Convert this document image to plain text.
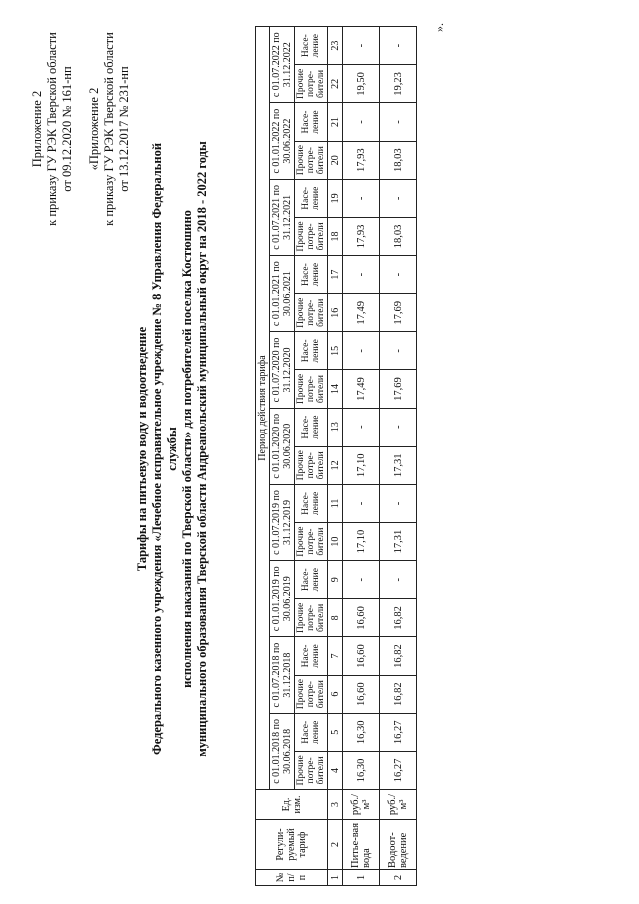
Приложение 2 к приказу ГУ РЭК Тверской области от 09.12.2020 № 161-нп «Приложение 2 к приказу ГУ РЭК Тверской области от 13.12.2017 № 231-нп
Тарифы на питьевую воду и водоотведение Федерального казенного учреждения «Лечебное исправительное учреждение № 8 Управления Федеральной службы исполнения наказаний по Тверской области» для потребителей поселка Костюшино муниципального образования Тверской области Андреапольский муниципальный округ на 2018 - 2022 годы
№ п/п	Регули-руемый тариф	Ед. изм.	Период действия тарифа																			
			с 01.01.2018 по 30.06.2018		с 01.07.2018 по 31.12.2018		с 01.01.2019 по 30.06.2019		с 01.07.2019 по 31.12.2019		с 01.01.2020 по 30.06.2020		с 01.07.2020 по 31.12.2020		с 01.01.2021 по 30.06.2021		с 01.07.2021 по 31.12.2021		с 01.01.2022 по 30.06.2022		с 01.07.2022 по 31.12.2022	
			Прочие потре-бители	Насе-ление	Прочие потре-бители	Насе-ление	Прочие потре-бители	Насе-ление	Прочие потре-бители	Насе-ление	Прочие потре-бители	Насе-ление	Прочие потре-бители	Насе-ление	Прочие потре-бители	Насе-ление	Прочие потре-бители	Насе-ление	Прочие потре-бители	Насе-ление	Прочие потре-бители	Насе-ление
1	2	3	4	5	6	7	8	9	10	11	12	13	14	15	16	17	18	19	20	21	22	23
1	Питье-вая вода	руб./м³	16,30	16,30	16,60	16,60	16,60	-	17,10	-	17,10	-	17,49	-	17,49	-	17,93	-	17,93	-	19,50	-
2	Водоот-ведение	руб./м³	16,27	16,27	16,82	16,82	16,82	-	17,31	-	17,31	-	17,69	-	17,69	-	18,03	-	18,03	-	19,23	-
».
